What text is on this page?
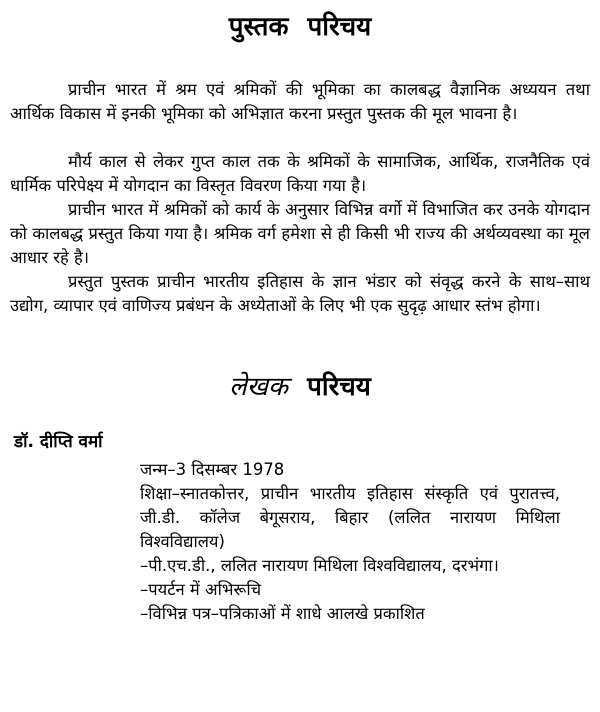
पुस्तक परिचय

प्राचीन भारत में श्रम एवं श्रमिकों की भूमिका का कालबद्ध वैज्ञानिक अध्ययन तथा आर्थिक विकास में इनकी भूमिका को अभिज्ञात करना प्रस्तुत पुस्तक की मूल भावना है।

मौर्य काल से लेकर गुप्त काल तक के श्रमिकों के सामाजिक, आर्थिक, राजनैतिक एवं धार्मिक परिपेक्ष्य में योगदान का विस्तृत विवरण किया गया है।

प्राचीन भारत में श्रमिकों को कार्य के अनुसार विभिन्न वर्गो में विभाजित कर उनके योगदान को कालबद्ध प्रस्तुत किया गया है। श्रमिक वर्ग हमेशा से ही किसी भी राज्य की अर्थव्यवस्था का मूल आधार रहे है।

प्रस्तुत पुस्तक प्राचीन भारतीय इतिहास के ज्ञान भंडार को संवृद्ध करने के साथ–साथ उद्योग, व्यापार एवं वाणिज्य प्रबंधन के अध्येताओं के लिए भी एक सुदृढ़ आधार स्तंभ होगा।

लेखक परिचय
डॉ. दीप्ति वर्मा
जन्म–3 दिसम्बर 1978
शिक्षा–स्नातकोत्तर, प्राचीन भारतीय इतिहास संस्कृति एवं पुरातत्त्व, जी.डी. कॉलेज बेगूसराय, बिहार (ललित नारायण मिथिला विश्वविद्यालय)
–पी.एच.डी., ललित नारायण मिथिला विश्वविद्यालय, दरभंगा।
–पयर्टन में अभिरूचि
–विभिन्न पत्र–पत्रिकाओं में शाधे आलखे प्रकाशित
